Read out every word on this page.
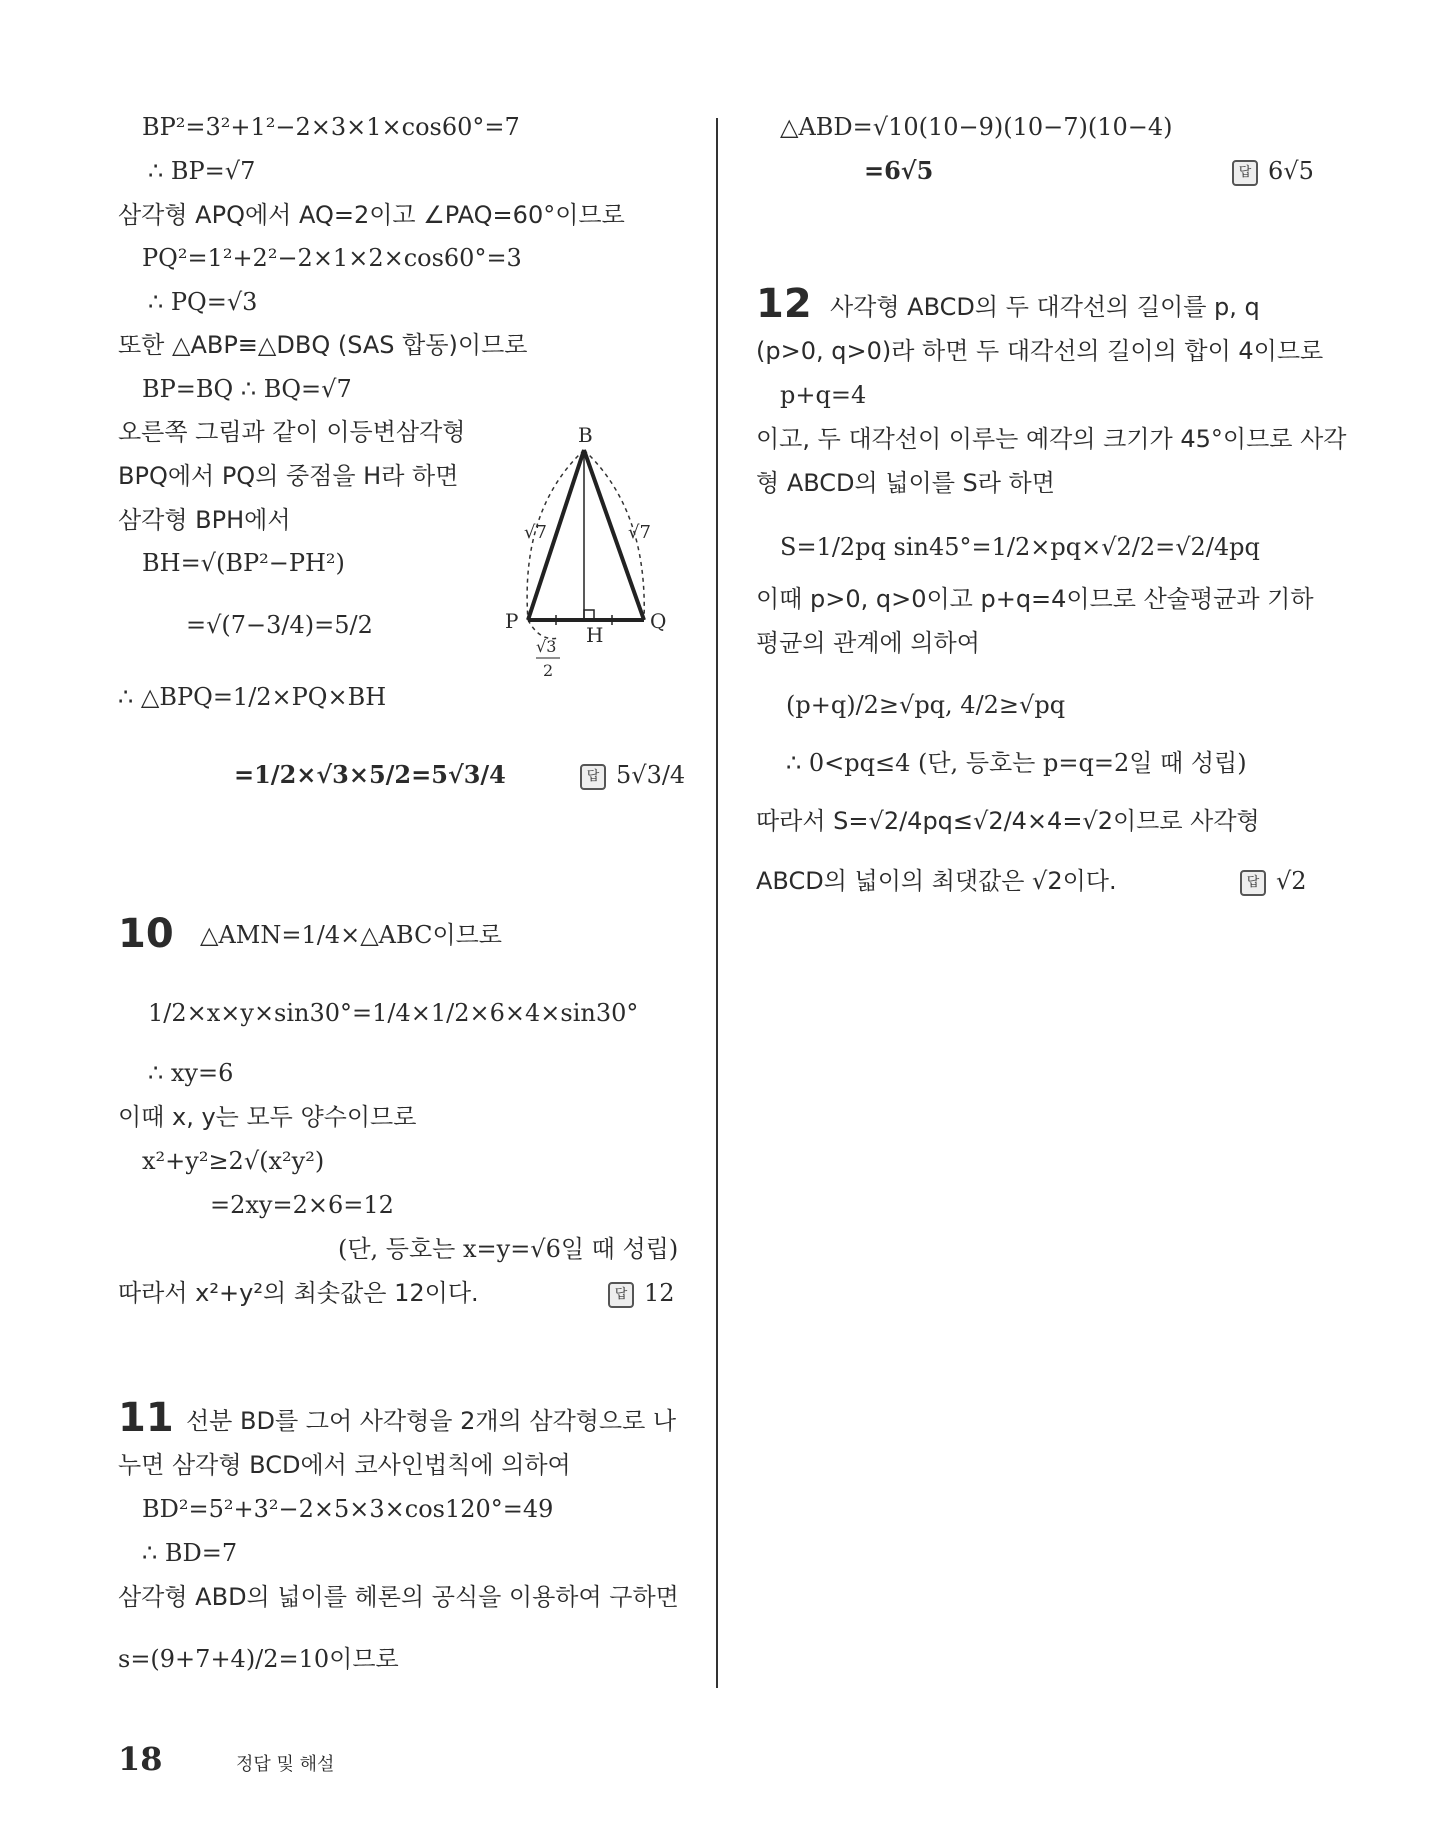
BP²=3²+1²−2×3×1×cos60°=7
∴ BP=√7
삼각형 APQ에서 AQ=2이고 ∠PAQ=60°이므로
PQ²=1²+2²−2×1×2×cos60°=3
∴ PQ=√3
또한 △ABP≡△DBQ (SAS 합동)이므로
BP=BQ ∴ BQ=√7
오른쪽 그림과 같이 이등변삼각형
BPQ에서 PQ의 중점을 H라 하면
삼각형 BPH에서
BH=√(BP²−PH²)
=√(7−3/4)=5/2
∴ △BPQ=1/2×PQ×BH
=1/2×√3×5/2=5√3/4	답 5√3/4
B
P	Q
H
√7	√7
√3
2
10 △AMN=1/4×△ABC이므로
1/2×x×y×sin30°=1/4×1/2×6×4×sin30°
∴ xy=6
이때 x, y는 모두 양수이므로
x²+y²≥2√(x²y²)
=2xy=2×6=12
(단, 등호는 x=y=√6일 때 성립)
따라서 x²+y²의 최솟값은 12이다.	답 12
11 선분 BD를 그어 사각형을 2개의 삼각형으로 나
누면 삼각형 BCD에서 코사인법칙에 의하여
BD²=5²+3²−2×5×3×cos120°=49
∴ BD=7
삼각형 ABD의 넓이를 헤론의 공식을 이용하여 구하면
s=(9+7+4)/2=10이므로
△ABD=√10(10−9)(10−7)(10−4)
=6√5	답 6√5
12 사각형 ABCD의 두 대각선의 길이를 p, q
(p>0, q>0)라 하면 두 대각선의 길이의 합이 4이므로
p+q=4
이고, 두 대각선이 이루는 예각의 크기가 45°이므로 사각
형 ABCD의 넓이를 S라 하면
S=1/2pq sin45°=1/2×pq×√2/2=√2/4pq
이때 p>0, q>0이고 p+q=4이므로 산술평균과 기하
평균의 관계에 의하여
(p+q)/2≥√pq, 4/2≥√pq
∴ 0<pq≤4 (단, 등호는 p=q=2일 때 성립)
따라서 S=√2/4pq≤√2/4×4=√2이므로 사각형
ABCD의 넓이의 최댓값은 √2이다.	답 √2
18	정답 및 해설
